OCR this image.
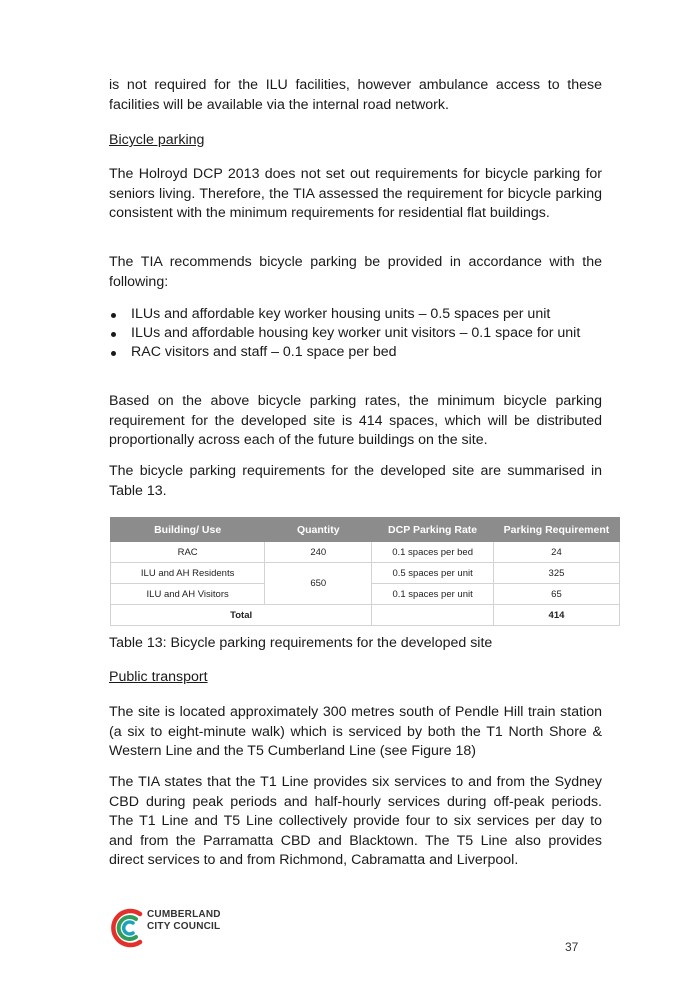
is not required for the ILU facilities, however ambulance access to these facilities will be available via the internal road network.

Bicycle parking

The Holroyd DCP 2013 does not set out requirements for bicycle parking for seniors living. Therefore, the TIA assessed the requirement for bicycle parking consistent with the minimum requirements for residential flat buildings.

The TIA recommends bicycle parking be provided in accordance with the following:

ILUs and affordable key worker housing units – 0.5 spaces per unit
ILUs and affordable housing key worker unit visitors – 0.1 space for unit
RAC visitors and staff – 0.1 space per bed

Based on the above bicycle parking rates, the minimum bicycle parking requirement for the developed site is 414 spaces, which will be distributed proportionally across each of the future buildings on the site.

The bicycle parking requirements for the developed site are summarised in Table 13.

Building/ Use	Quantity	DCP Parking Rate	Parking Requirement
RAC	240	0.1 spaces per bed	24
ILU and AH Residents	650	0.5 spaces per unit	325
ILU and AH Visitors		0.1 spaces per unit	65
Total			414

Table 13: Bicycle parking requirements for the developed site

Public transport

The site is located approximately 300 metres south of Pendle Hill train station (a six to eight-minute walk) which is serviced by both the T1 North Shore & Western Line and the T5 Cumberland Line (see Figure 18)

The TIA states that the T1 Line provides six services to and from the Sydney CBD during peak periods and half-hourly services during off-peak periods. The T1 Line and T5 Line collectively provide four to six services per day to and from the Parramatta CBD and Blacktown. The T5 Line also provides direct services to and from Richmond, Cabramatta and Liverpool.

CUMBERLAND
CITY COUNCIL
37
